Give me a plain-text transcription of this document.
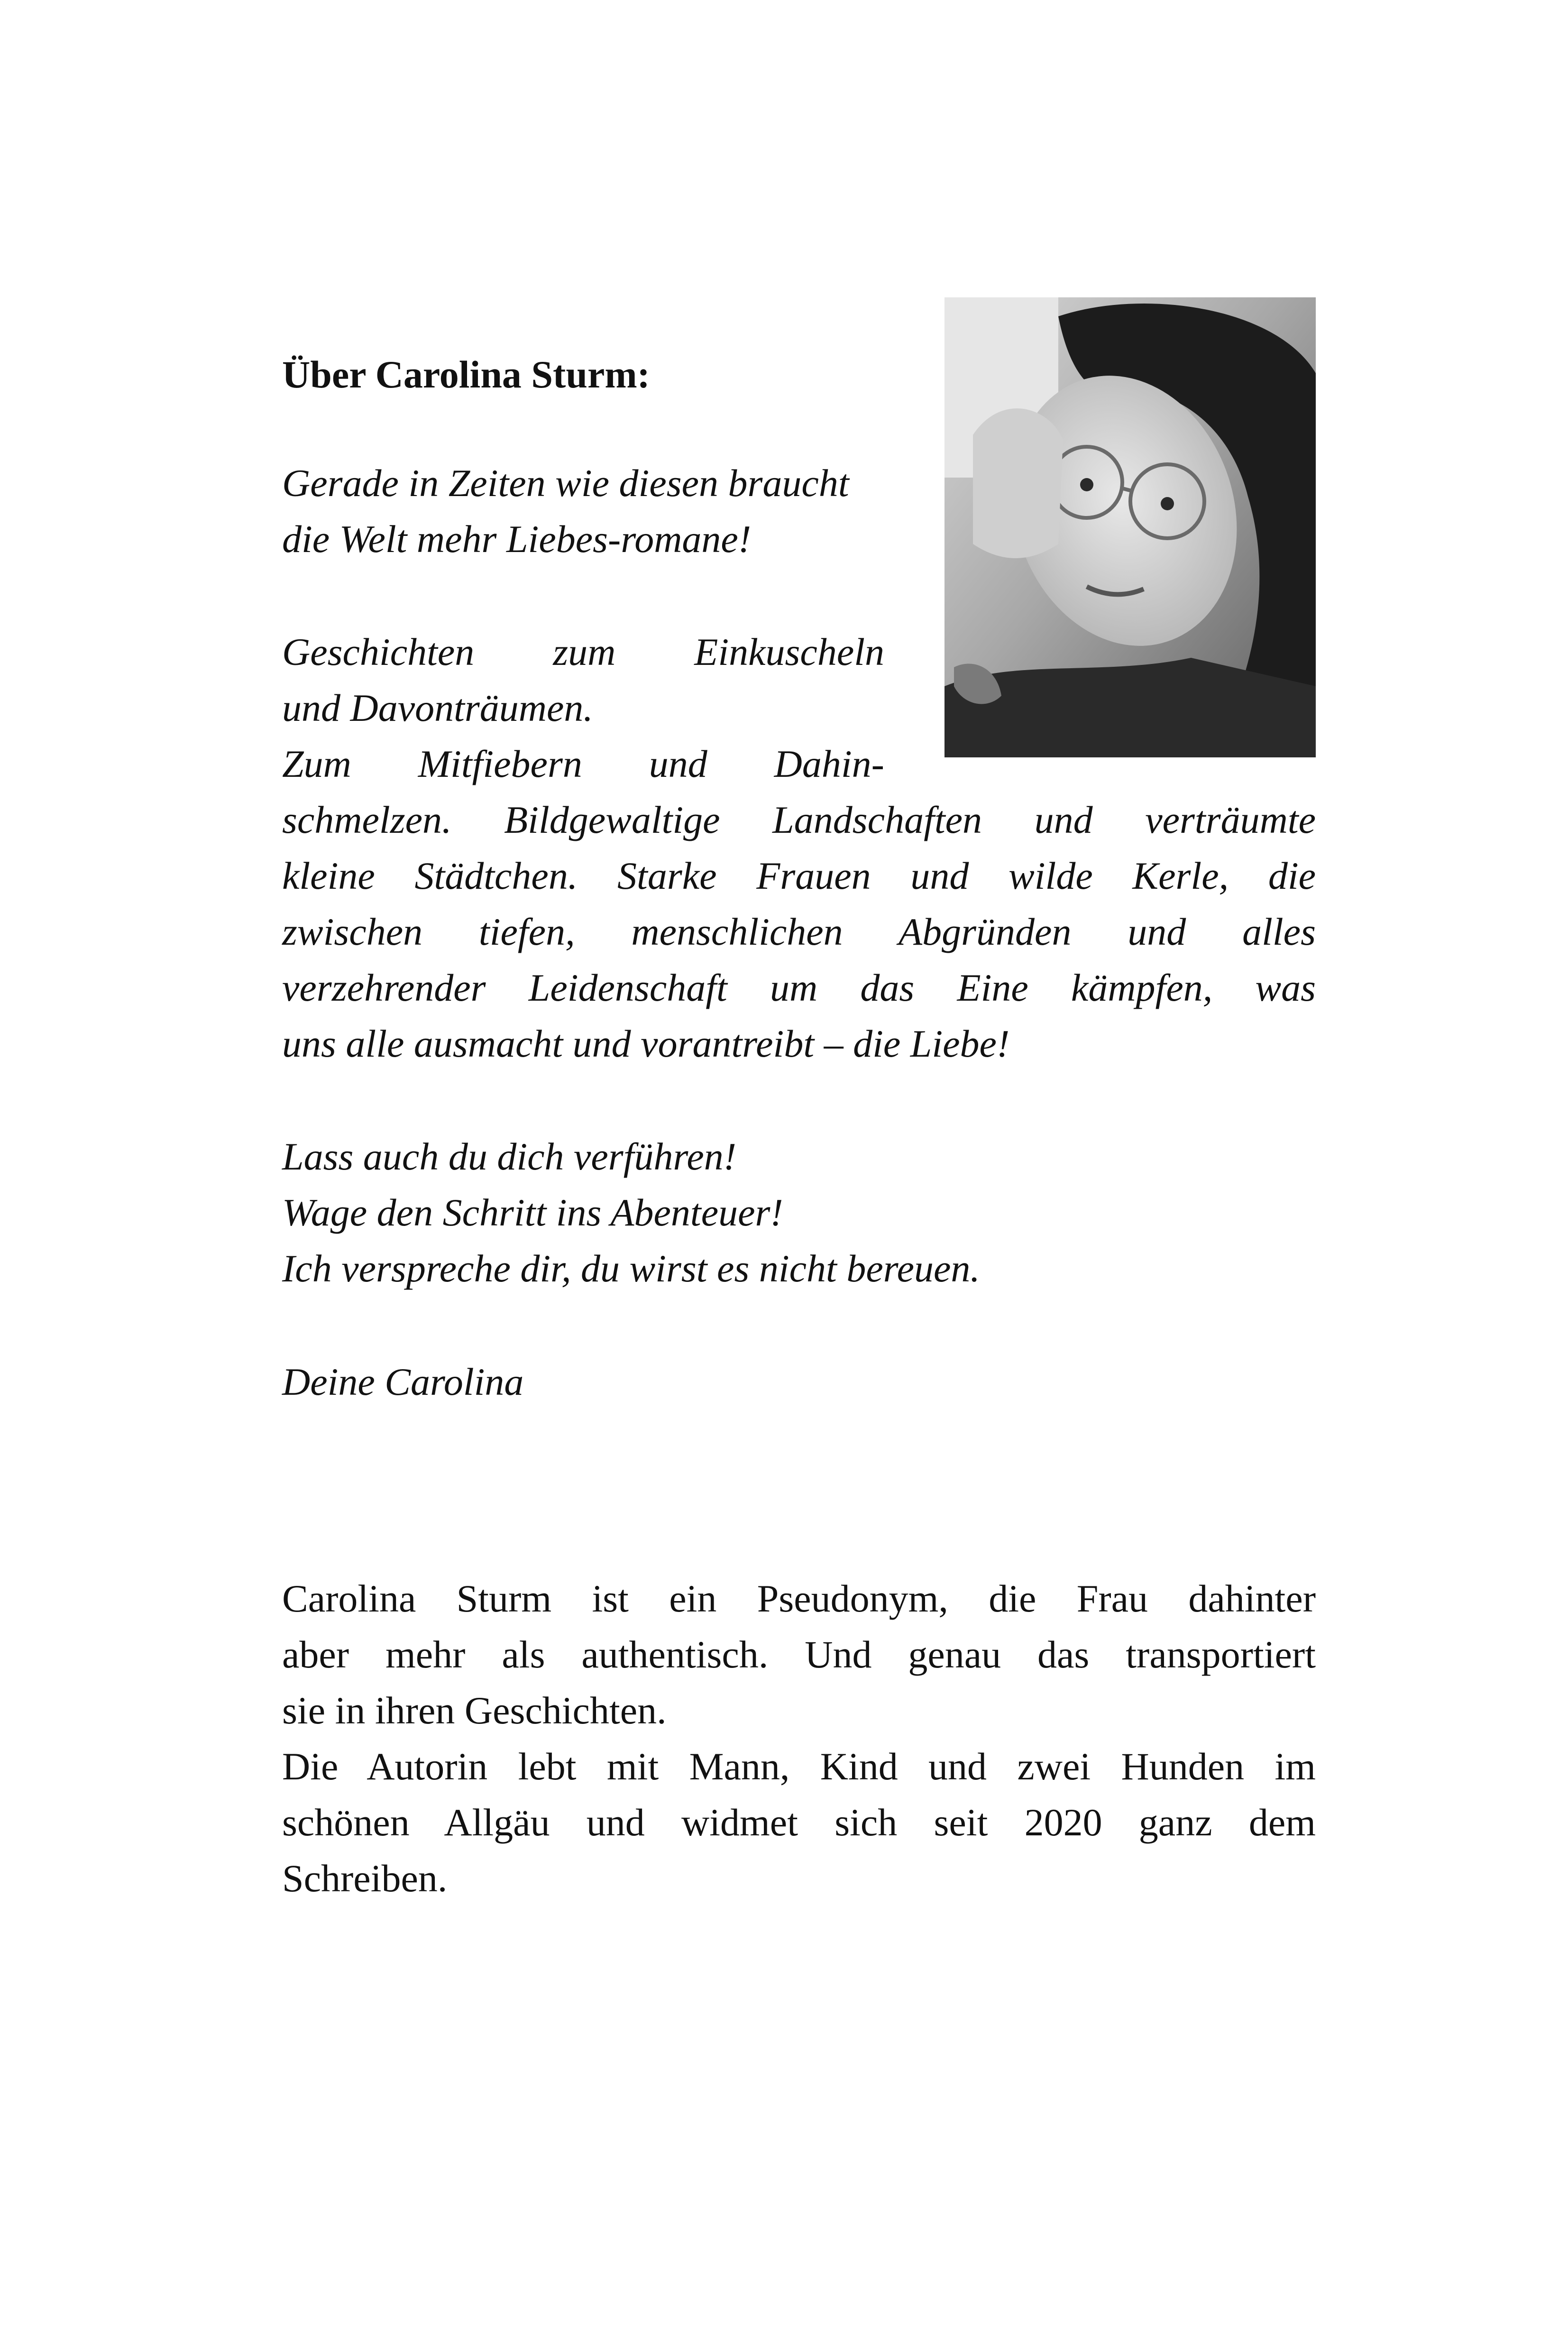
Über Carolina Sturm:
Gerade in Zeiten wie diesen braucht
die Welt mehr Liebes-romane!
Geschichten zum Einkuscheln
und Davonträumen.
Zum Mitfiebern und Dahin-
schmelzen. Bildgewaltige Landschaften und verträumte
kleine Städtchen. Starke Frauen und wilde Kerle, die
zwischen tiefen, menschlichen Abgründen und alles
verzehrender Leidenschaft um das Eine kämpfen, was
uns alle ausmacht und vorantreibt – die Liebe!
Lass auch du dich verführen!
Wage den Schritt ins Abenteuer!
Ich verspreche dir, du wirst es nicht bereuen.
Deine Carolina
Carolina Sturm ist ein Pseudonym, die Frau dahinter
aber mehr als authentisch. Und genau das transportiert
sie in ihren Geschichten.
Die Autorin lebt mit Mann, Kind und zwei Hunden im
schönen Allgäu und widmet sich seit 2020 ganz dem
Schreiben.
